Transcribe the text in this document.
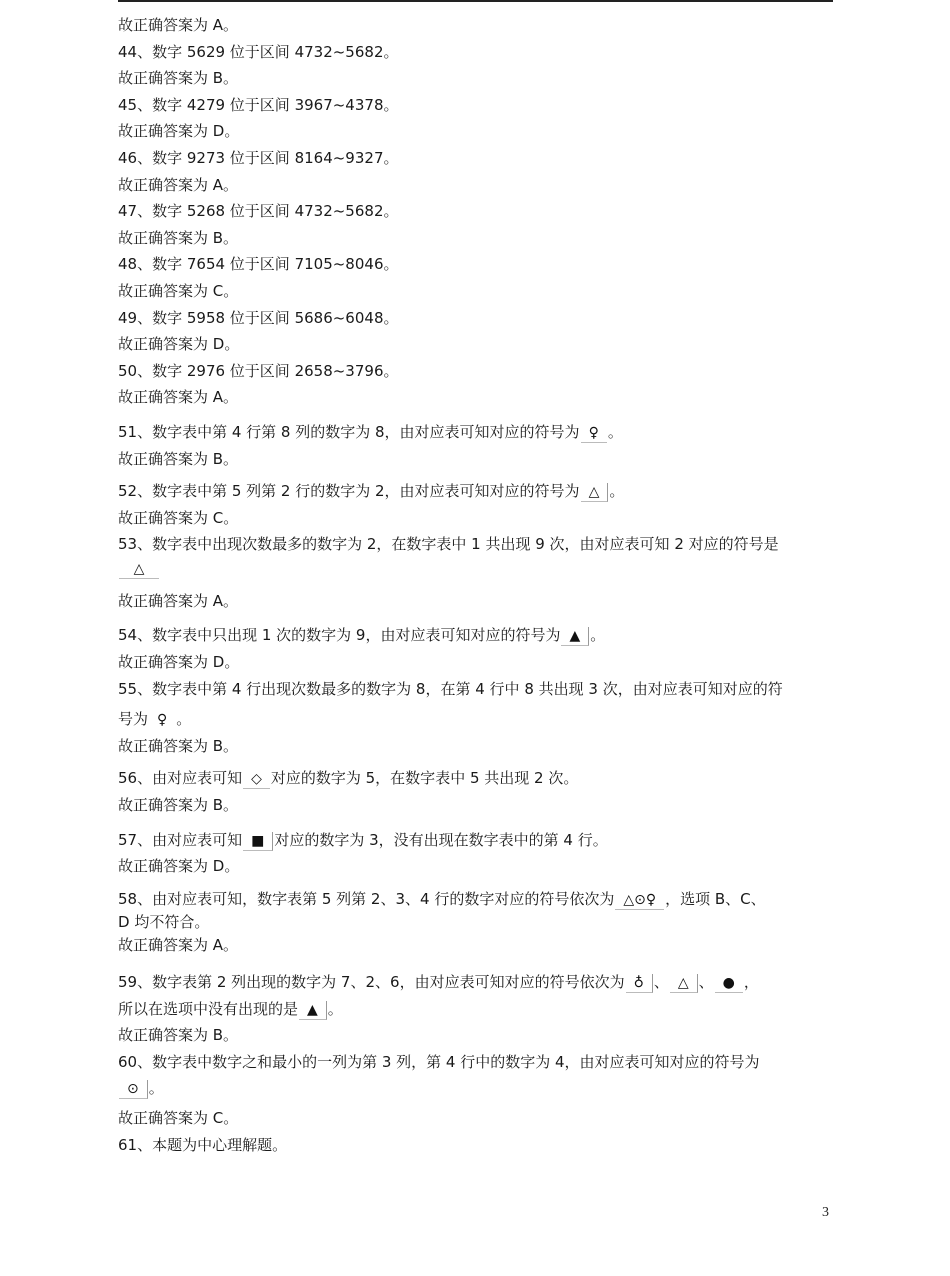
故正确答案为 A。
44、数字 5629 位于区间 4732~5682。
故正确答案为 B。
45、数字 4279 位于区间 3967~4378。
故正确答案为 D。
46、数字 9273 位于区间 8164~9327。
故正确答案为 A。
47、数字 5268 位于区间 4732~5682。
故正确答案为 B。
48、数字 7654 位于区间 7105~8046。
故正确答案为 C。
49、数字 5958 位于区间 5686~6048。
故正确答案为 D。
50、数字 2976 位于区间 2658~3796。
故正确答案为 A。
51、数字表中第 4 行第 8 列的数字为 8，由对应表可知对应的符号为 ♀ 。
故正确答案为 B。
52、数字表中第 5 列第 2 行的数字为 2，由对应表可知对应的符号为 △ 。
故正确答案为 C。
53、数字表中出现次数最多的数字为 2，在数字表中 1 共出现 9 次，由对应表可知 2 对应的符号是
△
故正确答案为 A。
54、数字表中只出现 1 次的数字为 9，由对应表可知对应的符号为 ▲ 。
故正确答案为 D。
55、数字表中第 4 行出现次数最多的数字为 8，在第 4 行中 8 共出现 3 次，由对应表可知对应的符
号为 ♀ 。
故正确答案为 B。
56、由对应表可知 ◇ 对应的数字为 5，在数字表中 5 共出现 2 次。
故正确答案为 B。
57、由对应表可知 ■ 对应的数字为 3，没有出现在数字表中的第 4 行。
故正确答案为 D。
58、由对应表可知，数字表第 5 列第 2、3、4 行的数字对应的符号依次为 △⊙♀ ，选项 B、C、
D 均不符合。
故正确答案为 A。
59、数字表第 2 列出现的数字为 7、2、6，由对应表可知对应的符号依次为 ♁ 、 △ 、 ● ，
所以在选项中没有出现的是 ▲ 。
故正确答案为 B。
60、数字表中数字之和最小的一列为第 3 列，第 4 行中的数字为 4，由对应表可知对应的符号为
⊙ 。
故正确答案为 C。
61、本题为中心理解题。
3
